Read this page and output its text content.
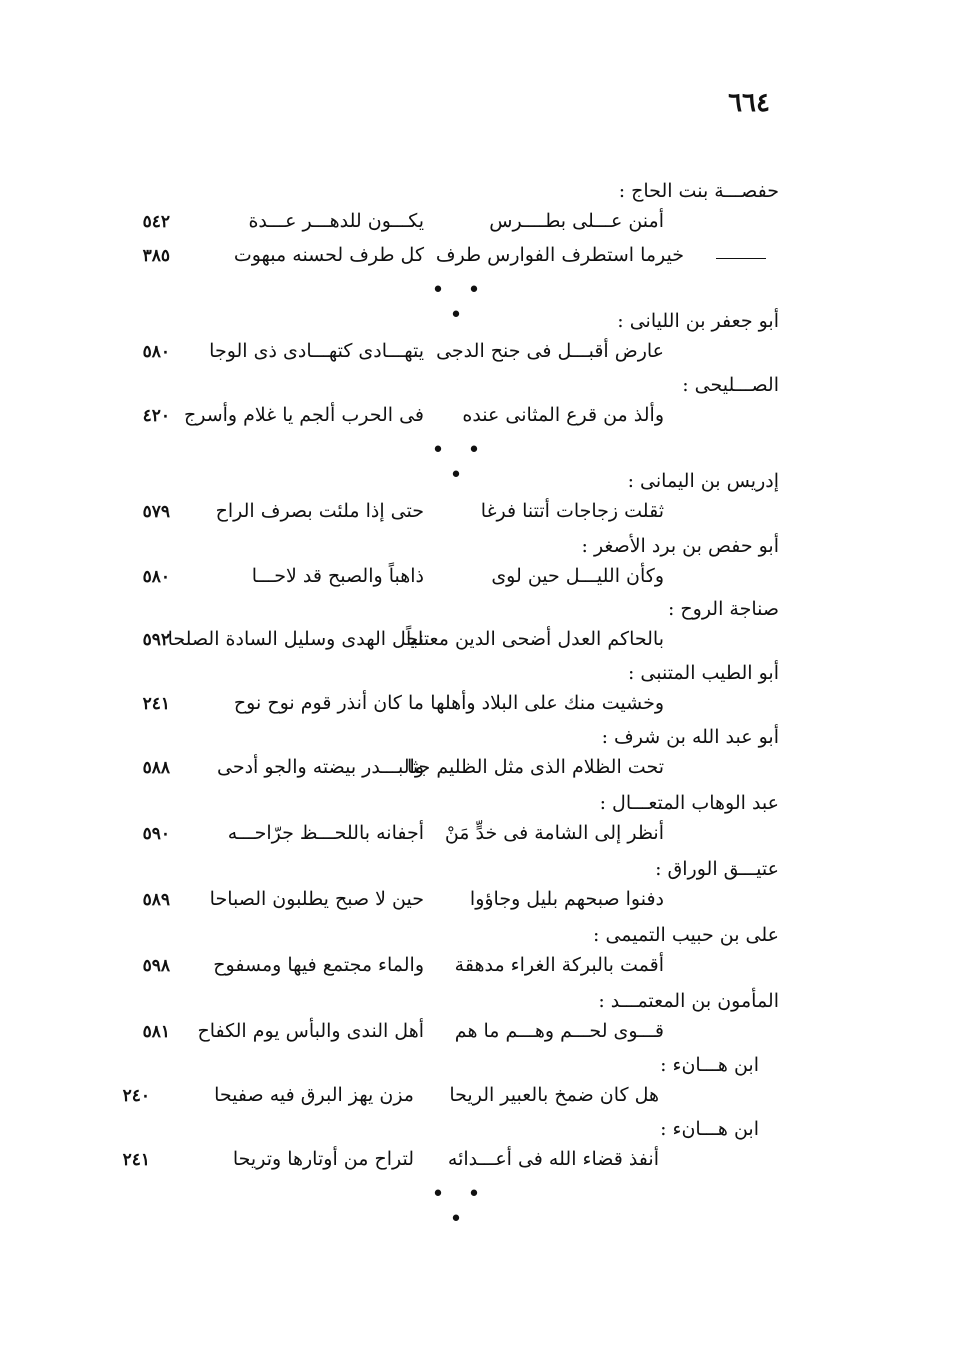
٦٦٤
حفصـــة بنت الحاج :
أمنن عـــلى بطــــرس
يكـــون للدهـــر عـــدة
٥٤٢
خيرما استطرف الفوارس طرف
كل طرف لحسنه مبهوت
٣٨٥
• • •	أبو جعفر بن الليانى :
عارض أقبـــل فى جنح الدجى
يتهـــادى كتهـــادى ذى الوجا
٥٨٠
الصـــليحى :
وألذ من قرع المثانى عنده
فى الحرب ألجم يا غلام وأسرج
٤٢٠
• • •	إدريس بن اليمانى :
ثقلت زجاجات أتتنا فرغا
حتى إذا ملئت بصرف الراح
٥٧٩
أبو حفص بن برد الأصغر :
وكأن الليـــل حين لوى
ذاهباً والصبح قد لاحـــا
٥٨٠
صناجة الروح :
بالحاكم العدل أضحى الدين معتلياً
نجل الهدى وسليل السادة الصلحا
٥٩٢
أبو الطيب المتنبى :
وخشيت منك على البلاد وأهلها
ما كان أنذر قوم نوح نوح
٢٤١
أبو عبد الله بن شرف :
تحت الظلام الذى مثل الظليم جثا
والبـــدر بيضته والجو أدحى
٥٨٨
عبد الوهاب المتعـــال :
أنظر إلى الشامة فى خدٍّ مَنْ
أجفانه باللحـــظ جرّاحـــه
٥٩٠
عتيـــق الوراق :
دفنوا صبحهم بليل وجاؤوا
حين لا صبح يطلبون الصباحا
٥٨٩
على بن حبيب التميمى :
أقمت بالبركة الغراء مدهقة
والماء مجتمع فيها ومسفوح
٥٩٨
المأمون بن المعتمـــد :
قـــوى لحـــم وهـــم ما هم
أهل الندى والبأس يوم الكفاح
٥٨١
ابن هـــانء :
هل كان ضمخ بالعبير الريحا
مزن يهز البرق فيه صفيحا
٢٤٠
ابن هـــانء :
أنفذ قضاء الله فى أعـــدائه
لتراح من أوتارها وتريحا
٢٤١
• • •
